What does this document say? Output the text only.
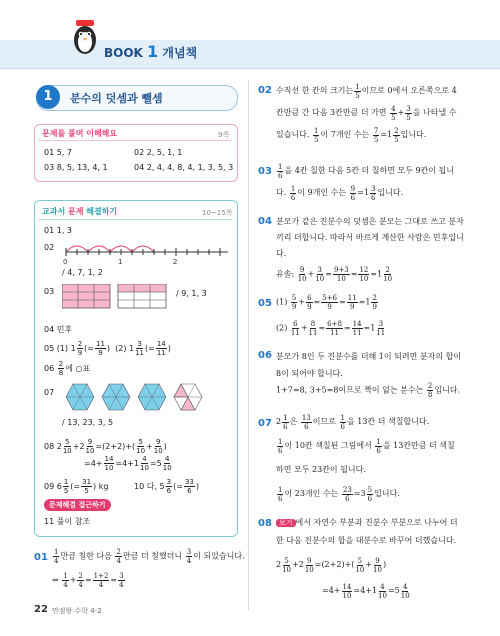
BOOK 1 개념책
1	분수의 덧셈과 뺄셈
문제를 풀며 이해해요	9쪽
01 5, 7	02 2, 5, 1, 1
03 8, 5, 13, 4, 1	04 2, 4, 4, 8, 4, 1, 3, 5, 3
교과서 문제 해결하기	10~15쪽
01 1, 3
02
0	1	2
/ 4, 7, 1, 2
03	/ 9, 1, 3
04 민후
05 (1) $1 \frac{2}{9}$ (= $\frac{11}{9}$ )  (2) $1 \frac{3}{11}$ (= $\frac{14}{11}$ )
$06 \frac{2}{8}$ 에 ○표
07
/ 13, 23, 3, 5
08 $2 \frac{5}{10} +2 \frac{9}{10} =(2+2)+( \frac{5}{10} + \frac{9}{10}$ )
$=4+ \frac{14}{10} =4+1 \frac{4}{10} =5 \frac{4}{10}$
09 $6 \frac{1}{5}$ (= $\frac{31}{5}$ ) kg	10 다, $5 \frac{3}{6}$ (= $\frac{33}{6}$ )
문제해결 접근하기
11 풀이 참조
$01 \frac{1}{4}$ 만큼 칠한 다음 $\frac{2}{4}$ 만큼 더 칠했더니 $\frac{3}{4}$ 이 되었습니다.
⇒ $\frac{1}{4} + \frac{2}{4} = \frac{1+2}{4} = \frac{3}{4}$
02 수직선 한 칸의 크기는 $\frac{1}{5}$ 이므로 0에서 오른쪽으로 4
칸만큼 간 다음 3칸만큼 더 가면 $\frac{4}{5} + \frac{3}{5}$ 을 나타낼 수
있습니다. $\frac{1}{5}$ 이 7개인 수는 $\frac{7}{5} =1 \frac{2}{5}$ 입니다.
$03 \frac{1}{6}$ 을 4칸 칠한 다음 5칸 더 칠하면 모두 9칸이 됩니
다. $\frac{1}{6}$ 이 9개인 수는 $\frac{9}{6} =1 \frac{3}{6}$ 입니다.
04 분모가 같은 진분수의 덧셈은 분모는 그대로 쓰고 분자
끼리 더합니다. 따라서 바르게 계산한 사람은 민후입니
다.
유솔: $\frac{9}{10} + \frac{3}{10} = \frac{9+3}{10} = \frac{12}{10} =1 \frac{2}{10}$
05 $(1) \frac{5}{9} + \frac{6}{9} = \frac{5+6}{9} = \frac{11}{9} =1 \frac{2}{9}$
$(2) \frac{6}{11} + \frac{8}{11} = \frac{6+8}{11} = \frac{14}{11} =1 \frac{3}{11}$
06 분모가 8인 두 진분수를 더해 1이 되려면 분자의 합이
8이 되어야 합니다.
1+7=8, 3+5=8이므로 짝이 없는 분수는 $\frac{2}{8}$ 입니다.
07 $2 \frac{1}{6}$ 은 $\frac{13}{6}$ 이므로 $\frac{1}{6}$ 을 13칸 더 색칠합니다.

$\frac{1}{6}$ 이 10칸 색칠된 그림에서 $\frac{1}{6}$ 을 13칸만큼 더 색칠
하면 모두 23칸이 됩니다.

$\frac{1}{6}$ 이 23개인 수는 $\frac{23}{6} =3 \frac{5}{6}$ 입니다.
08	보기 에서 자연수 부분과 진분수 부분으로 나누어 더
한 다음 진분수의 합을 대분수로 바꾸어 더했습니다.
$2 \frac{5}{10} +2 \frac{9}{10} =(2+2)+( \frac{5}{10} + \frac{9}{10}$ )
$=4+ \frac{14}{10} =4+1 \frac{4}{10} =5 \frac{4}{10}$
22 만점왕 수학 4-2
